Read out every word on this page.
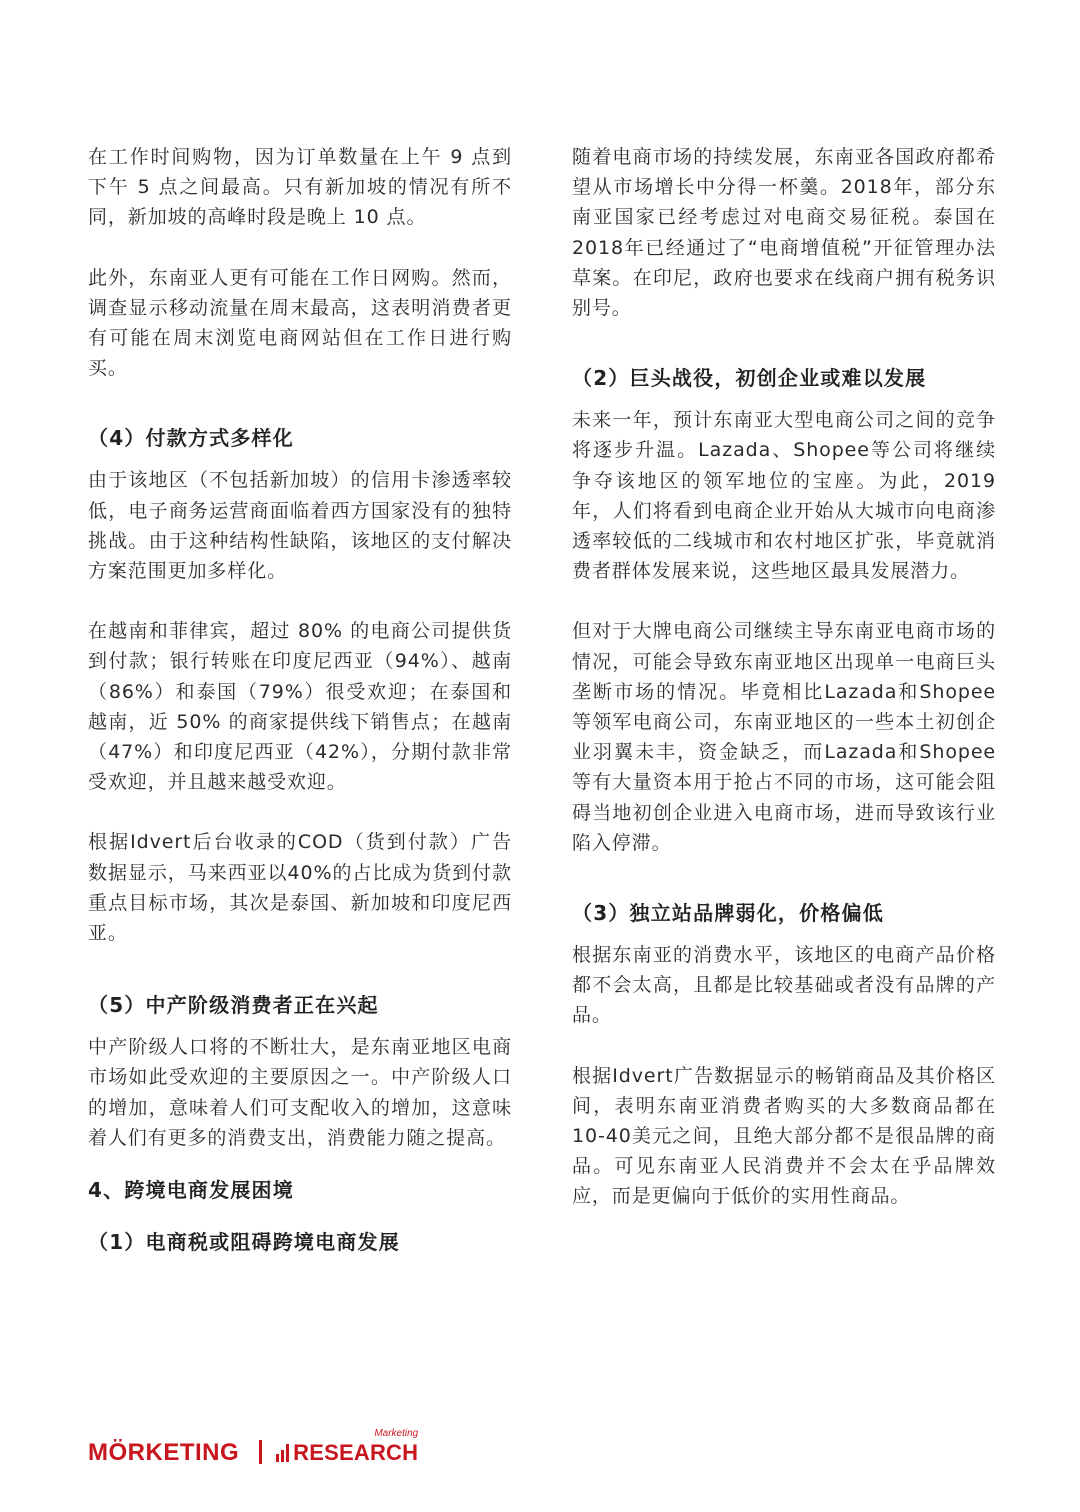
在工作时间购物，因为订单数量在上午 9 点到下午 5 点之间最高。只有新加坡的情况有所不同，新加坡的高峰时段是晚上 10 点。

此外，东南亚人更有可能在工作日网购。然而，调查显示移动流量在周末最高，这表明消费者更有可能在周末浏览电商网站但在工作日进行购买。

（4）付款方式多样化

由于该地区（不包括新加坡）的信用卡渗透率较低，电子商务运营商面临着西方国家没有的独特挑战。由于这种结构性缺陷，该地区的支付解决方案范围更加多样化。

在越南和菲律宾，超过 80% 的电商公司提供货到付款；银行转账在印度尼西亚（94%）、越南（86%）和泰国（79%）很受欢迎；在泰国和越南，近 50% 的商家提供线下销售点；在越南（47%）和印度尼西亚（42%），分期付款非常受欢迎，并且越来越受欢迎。

根据Idvert后台收录的COD（货到付款）广告数据显示，马来西亚以40%的占比成为货到付款重点目标市场，其次是泰国、新加坡和印度尼西亚。

（5）中产阶级消费者正在兴起

中产阶级人口将的不断壮大，是东南亚地区电商市场如此受欢迎的主要原因之一。中产阶级人口的增加，意味着人们可支配收入的增加，这意味着人们有更多的消费支出，消费能力随之提高。

4、跨境电商发展困境
（1）电商税或阻碍跨境电商发展

随着电商市场的持续发展，东南亚各国政府都希望从市场增长中分得一杯羹。2018年，部分东南亚国家已经考虑过对电商交易征税。泰国在2018年已经通过了“电商增值税”开征管理办法草案。在印尼，政府也要求在线商户拥有税务识别号。

（2）巨头战役，初创企业或难以发展

未来一年，预计东南亚大型电商公司之间的竞争将逐步升温。Lazada、Shopee等公司将继续争夺该地区的领军地位的宝座。为此，2019年，人们将看到电商企业开始从大城市向电商渗透率较低的二线城市和农村地区扩张，毕竟就消费者群体发展来说，这些地区最具发展潜力。

但对于大牌电商公司继续主导东南亚电商市场的情况，可能会导致东南亚地区出现单一电商巨头垄断市场的情况。毕竟相比Lazada和Shopee等领军电商公司，东南亚地区的一些本土初创企业羽翼未丰，资金缺乏，而Lazada和Shopee等有大量资本用于抢占不同的市场，这可能会阻碍当地初创企业进入电商市场，进而导致该行业陷入停滞。

（3）独立站品牌弱化，价格偏低

根据东南亚的消费水平，该地区的电商产品价格都不会太高，且都是比较基础或者没有品牌的产品。

根据Idvert广告数据显示的畅销商品及其价格区间，表明东南亚消费者购买的大多数商品都在10-40美元之间，且绝大部分都不是很品牌的商品。可见东南亚人民消费并不会太在乎品牌效应，而是更偏向于低价的实用性商品。

MÖRKETING RESEARCH
Marketing
